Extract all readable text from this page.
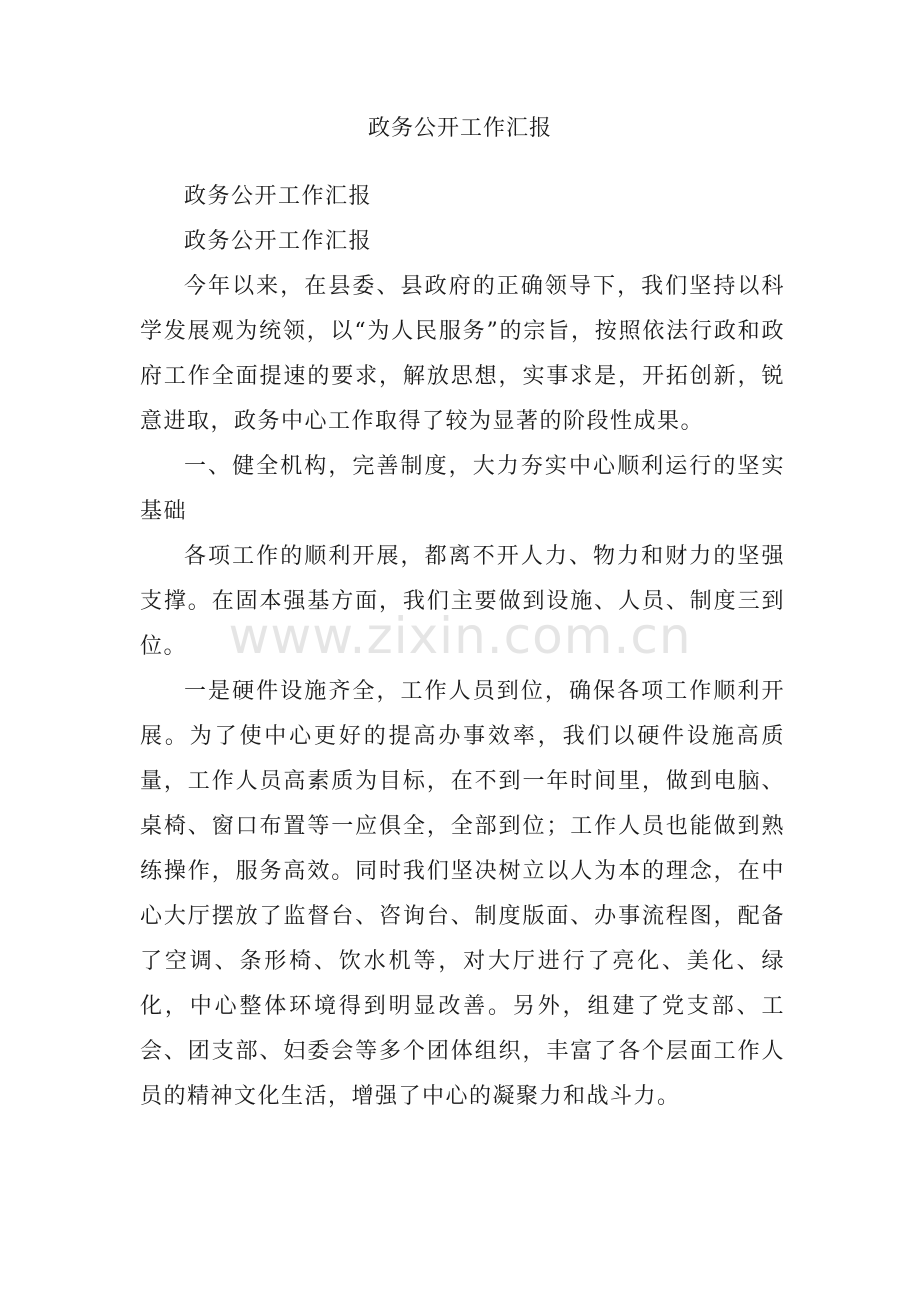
政务公开工作汇报

政务公开工作汇报

政务公开工作汇报

今年以来，在县委、县政府的正确领导下，我们坚持以科学发展观为统领，以“为人民服务”的宗旨，按照依法行政和政府工作全面提速的要求，解放思想，实事求是，开拓创新，锐意进取，政务中心工作取得了较为显著的阶段性成果。

一、健全机构，完善制度，大力夯实中心顺利运行的坚实基础

各项工作的顺利开展，都离不开人力、物力和财力的坚强支撑。在固本强基方面，我们主要做到设施、人员、制度三到位。

一是硬件设施齐全，工作人员到位，确保各项工作顺利开展。为了使中心更好的提高办事效率，我们以硬件设施高质量，工作人员高素质为目标，在不到一年时间里，做到电脑、桌椅、窗口布置等一应俱全，全部到位；工作人员也能做到熟练操作，服务高效。同时我们坚决树立以人为本的理念，在中心大厅摆放了监督台、咨询台、制度版面、办事流程图，配备了空调、条形椅、饮水机等，对大厅进行了亮化、美化、绿化，中心整体环境得到明显改善。另外，组建了党支部、工会、团支部、妇委会等多个团体组织，丰富了各个层面工作人员的精神文化生活，增强了中心的凝聚力和战斗力。

www.zixin.com.cn
